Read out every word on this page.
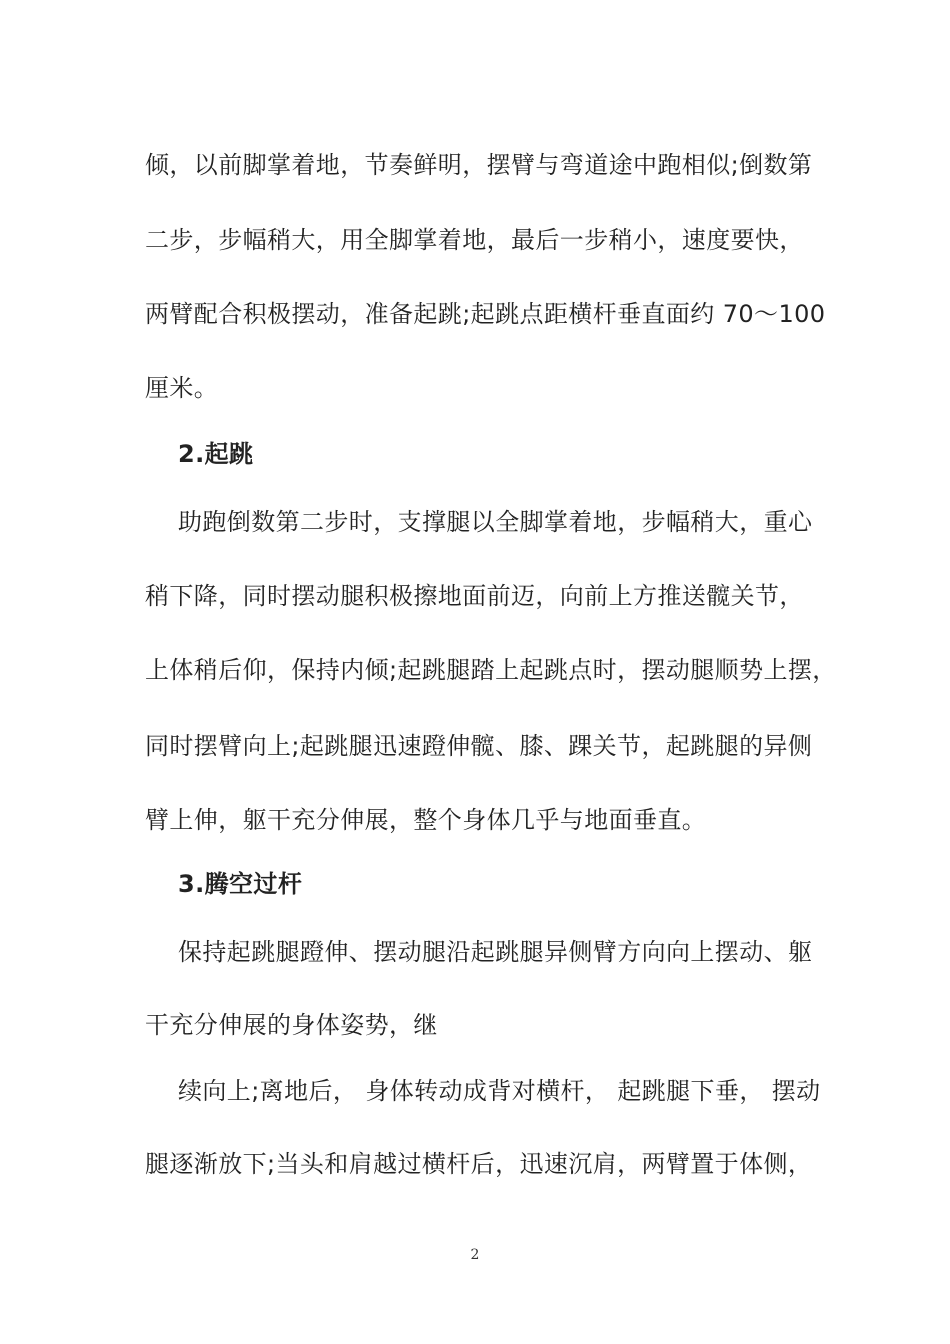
倾，以前脚掌着地，节奏鲜明，摆臂与弯道途中跑相似;倒数第

二步，步幅稍大，用全脚掌着地，最后一步稍小，速度要快，

两臂配合积极摆动，准备起跳;起跳点距横杆垂直面约 70～100

厘米。

2.起跳

助跑倒数第二步时，支撑腿以全脚掌着地，步幅稍大，重心

稍下降，同时摆动腿积极擦地面前迈，向前上方推送髋关节，

上体稍后仰，保持内倾;起跳腿踏上起跳点时，摆动腿顺势上摆，

同时摆臂向上;起跳腿迅速蹬伸髋、膝、踝关节，起跳腿的异侧

臂上伸，躯干充分伸展，整个身体几乎与地面垂直。

3.腾空过杆

保持起跳腿蹬伸、摆动腿沿起跳腿异侧臂方向向上摆动、躯

干充分伸展的身体姿势，继

续向上;离地后， 身体转动成背对横杆， 起跳腿下垂， 摆动

腿逐渐放下;当头和肩越过横杆后，迅速沉肩，两臂置于体侧，

2
